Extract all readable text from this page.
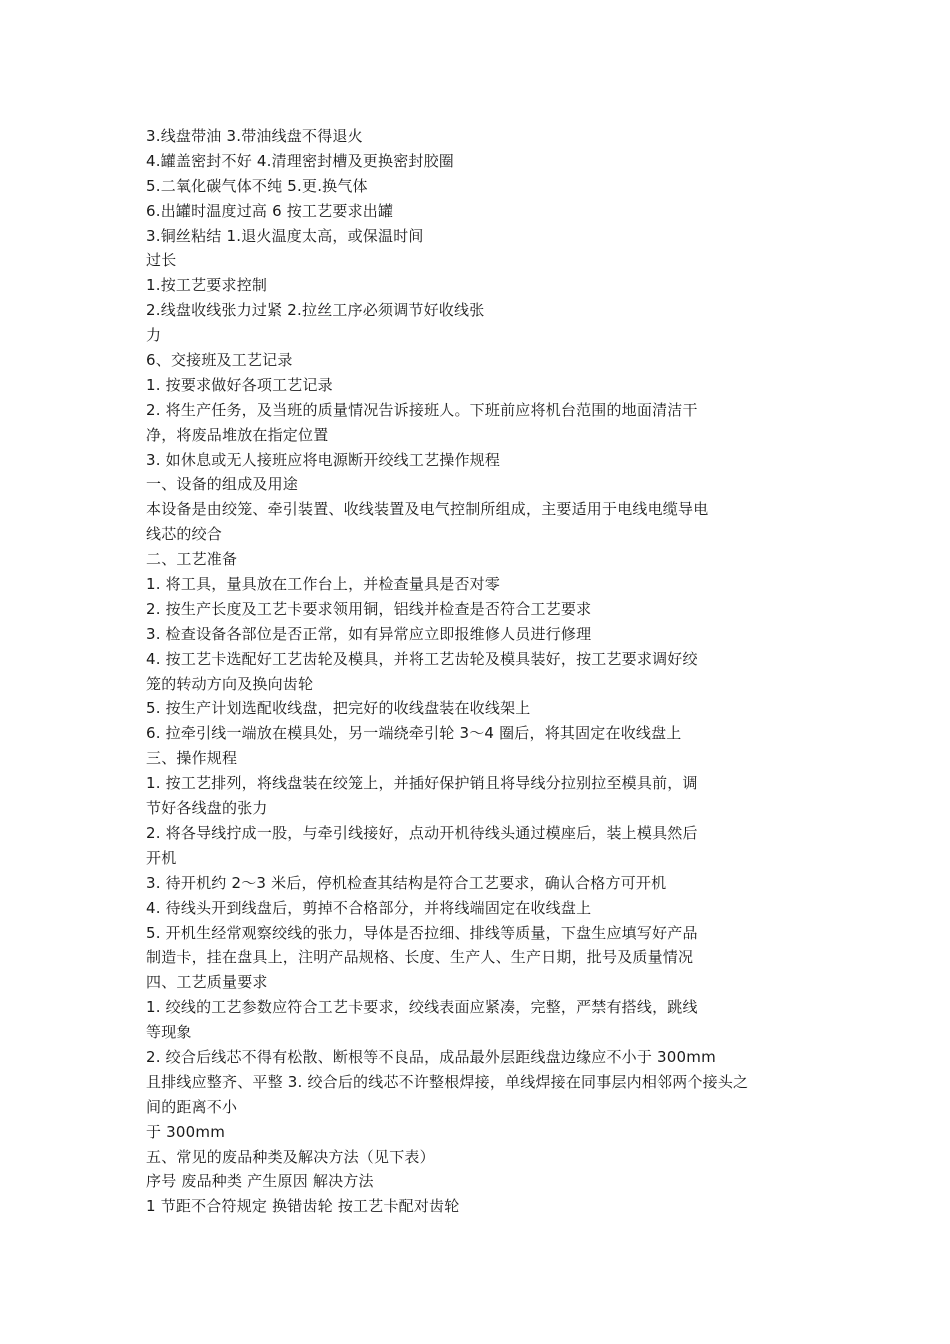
3.线盘带油 3.带油线盘不得退火
4.罐盖密封不好 4.清理密封槽及更换密封胶圈
5.二氧化碳气体不纯 5.更.换气体
6.出罐时温度过高 6 按工艺要求出罐
3.铜丝粘结 1.退火温度太高，或保温时间
过长
1.按工艺要求控制
2.线盘收线张力过紧 2.拉丝工序必须调节好收线张
力
6、交接班及工艺记录
1. 按要求做好各项工艺记录
2. 将生产任务，及当班的质量情况告诉接班人。下班前应将机台范围的地面清洁干
净，将废品堆放在指定位置
3. 如休息或无人接班应将电源断开绞线工艺操作规程
一、设备的组成及用途
本设备是由绞笼、牵引装置、收线装置及电气控制所组成，主要适用于电线电缆导电
线芯的绞合
二、工艺准备
1. 将工具，量具放在工作台上，并检查量具是否对零
2. 按生产长度及工艺卡要求领用铜，铝线并检查是否符合工艺要求
3. 检查设备各部位是否正常，如有异常应立即报维修人员进行修理
4. 按工艺卡选配好工艺齿轮及模具，并将工艺齿轮及模具装好，按工艺要求调好绞
笼的转动方向及换向齿轮
5. 按生产计划选配收线盘，把完好的收线盘装在收线架上
6. 拉牵引线一端放在模具处，另一端绕牵引轮 3～4 圈后，将其固定在收线盘上
三、操作规程
1. 按工艺排列，将线盘装在绞笼上，并插好保护销且将导线分拉别拉至模具前，调
节好各线盘的张力
2. 将各导线拧成一股，与牵引线接好，点动开机待线头通过模座后，装上模具然后
开机
3. 待开机约 2～3 米后，停机检查其结构是符合工艺要求，确认合格方可开机
4. 待线头开到线盘后，剪掉不合格部分，并将线端固定在收线盘上
5. 开机生经常观察绞线的张力，导体是否拉细、排线等质量，下盘生应填写好产品
制造卡，挂在盘具上，注明产品规格、长度、生产人、生产日期，批号及质量情况
四、工艺质量要求
1. 绞线的工艺参数应符合工艺卡要求，绞线表面应紧凑，完整，严禁有搭线，跳线
等现象
2. 绞合后线芯不得有松散、断根等不良品，成品最外层距线盘边缘应不小于 300mm
且排线应整齐、平整 3. 绞合后的线芯不许整根焊接，单线焊接在同事层内相邻两个接头之
间的距离不小
于 300mm
五、常见的废品种类及解决方法（见下表）
序号 废品种类 产生原因 解决方法
1 节距不合符规定 换错齿轮 按工艺卡配对齿轮
